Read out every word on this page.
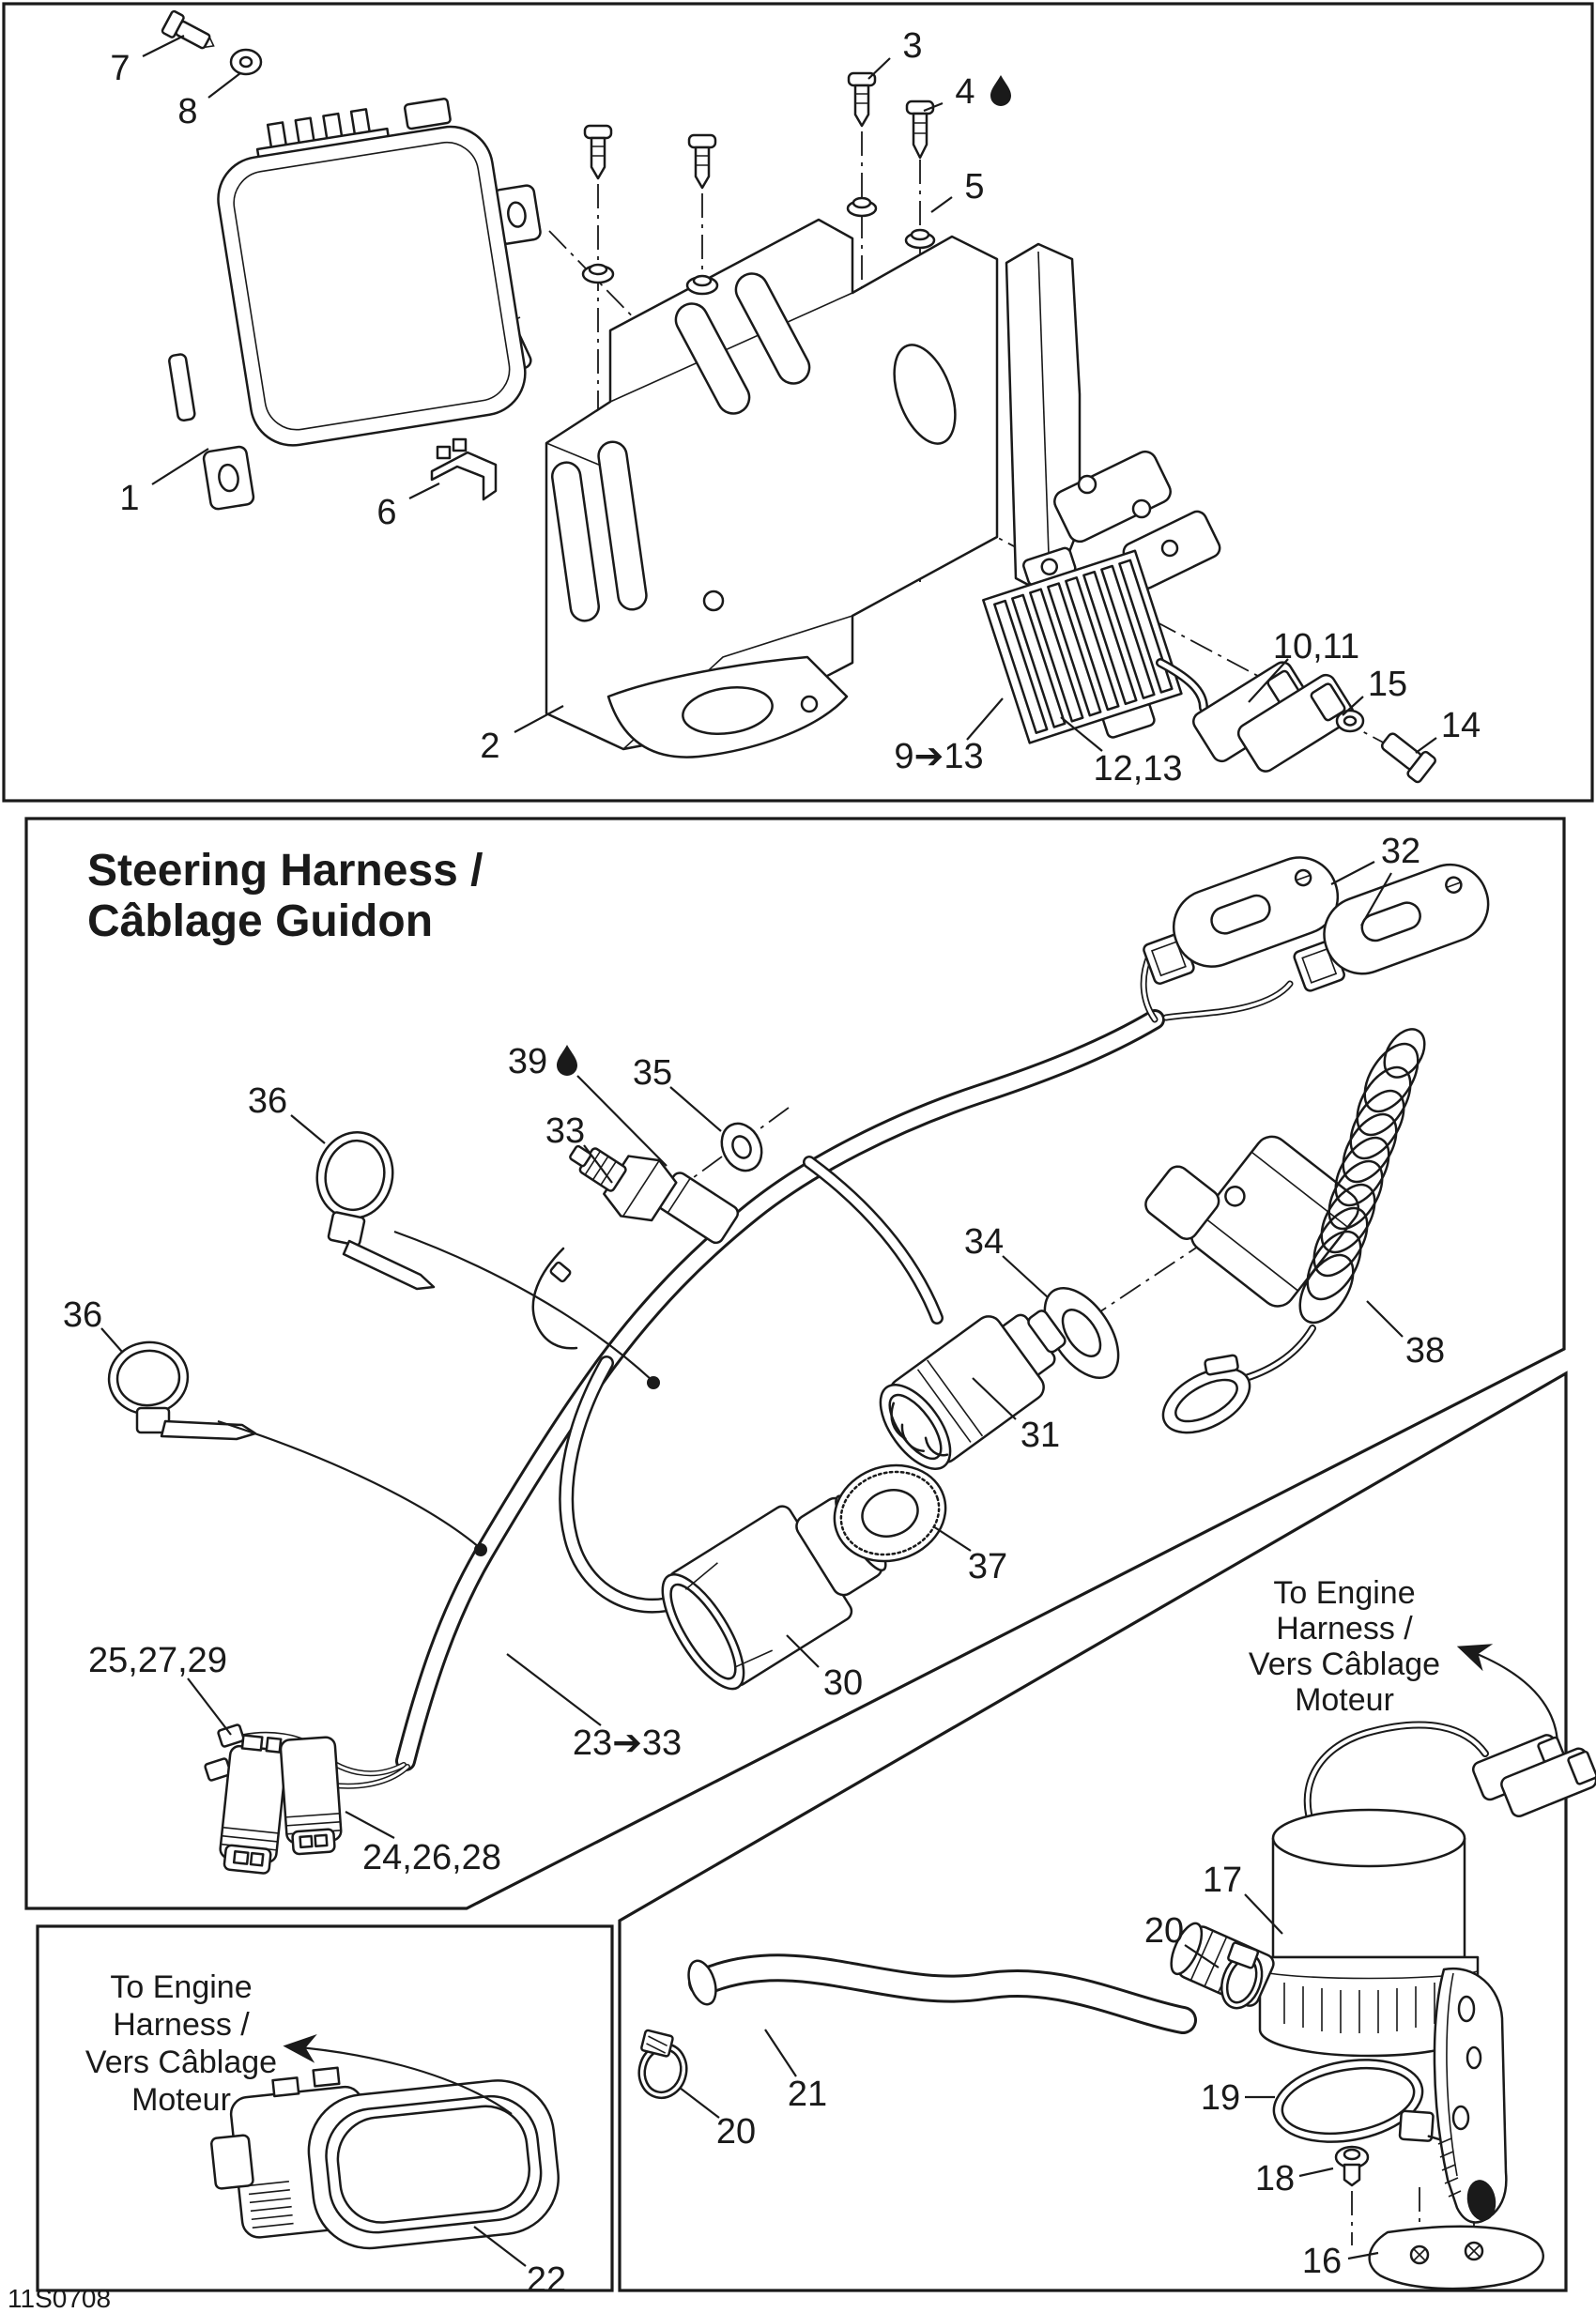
Steering Harness /
Câblage Guidon
To Engine
Harness /
Vers Câblage
Moteur
To Engine
Harness /
Vers Câblage
Moteur
11S0708
7
8
1	6
2
3
4
5
9➔13
10,11
15
14
12,13
32
36
39 35
33
34
36
31
38
37
30
25,27,29
23➔33
24,26,28
22
17
20
20
21	19
18
16
